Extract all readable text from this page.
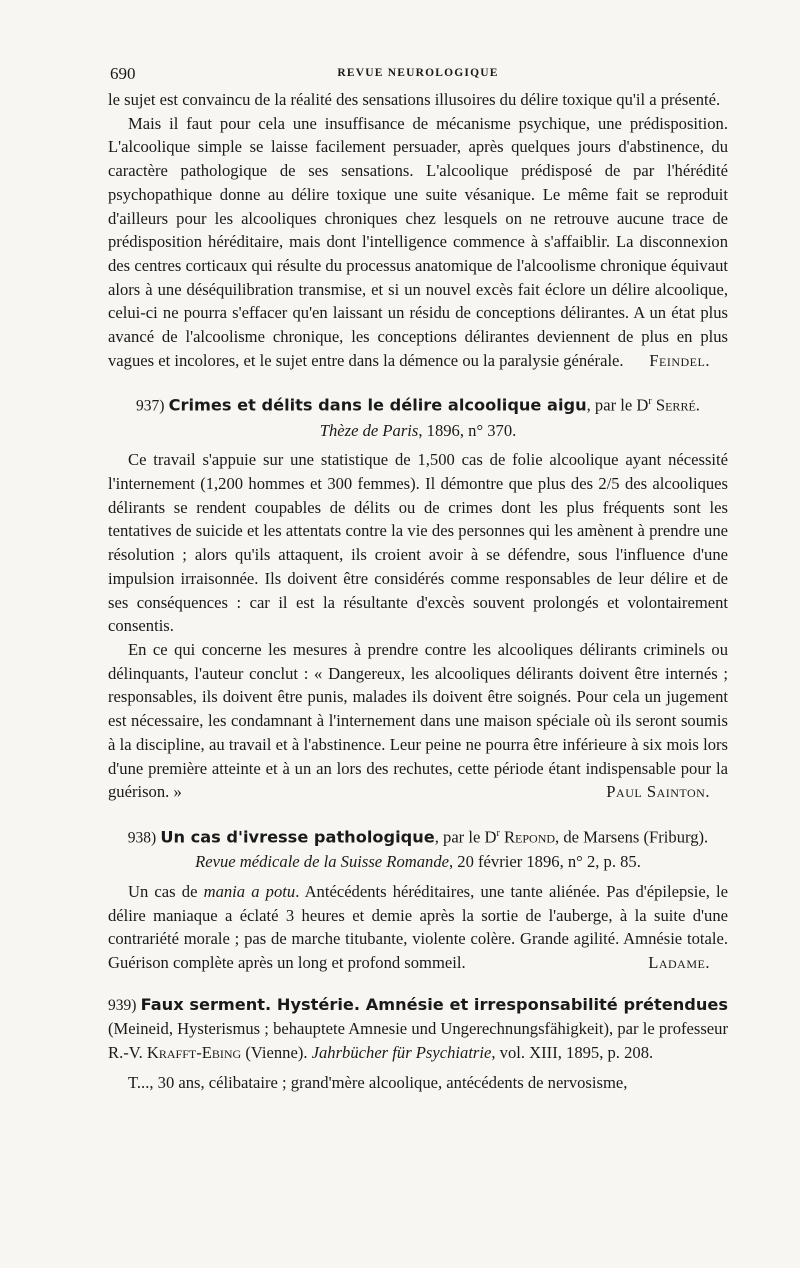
690	REVUE NEUROLOGIQUE

le sujet est convaincu de la réalité des sensations illusoires du délire toxique qu'il a présenté.

Mais il faut pour cela une insuffisance de mécanisme psychique, une prédisposition. L'alcoolique simple se laisse facilement persuader, après quelques jours d'abstinence, du caractère pathologique de ses sensations. L'alcoolique prédisposé de par l'hérédité psychopathique donne au délire toxique une suite vésanique. Le même fait se reproduit d'ailleurs pour les alcooliques chroniques chez lesquels on ne retrouve aucune trace de prédisposition héréditaire, mais dont l'intelligence commence à s'affaiblir. La disconnexion des centres corticaux qui résulte du processus anatomique de l'alcoolisme chronique équivaut alors à une déséquilibration transmise, et si un nouvel excès fait éclore un délire alcoolique, celui-ci ne pourra s'effacer qu'en laissant un résidu de conceptions délirantes. A un état plus avancé de l'alcoolisme chronique, les conceptions délirantes deviennent de plus en plus vagues et incolores, et le sujet entre dans la démence ou la paralysie générale.	Feindel.

937) Crimes et délits dans le délire alcoolique aigu, par le $D^r$ Serré.

Thèze de Paris, 1896, n° 370.

Ce travail s'appuie sur une statistique de 1,500 cas de folie alcoolique ayant nécessité l'internement (1,200 hommes et 300 femmes). Il démontre que plus des 2/5 des alcooliques délirants se rendent coupables de délits ou de crimes dont les plus fréquents sont les tentatives de suicide et les attentats contre la vie des personnes qui les amènent à prendre une résolution ; alors qu'ils attaquent, ils croient avoir à se défendre, sous l'influence d'une impulsion irraisonnée. Ils doivent être considérés comme responsables de leur délire et de ses conséquences : car il est la résultante d'excès souvent prolongés et volontairement consentis.

En ce qui concerne les mesures à prendre contre les alcooliques délirants criminels ou délinquants, l'auteur conclut : « Dangereux, les alcooliques délirants doivent être internés ; responsables, ils doivent être punis, malades ils doivent être soignés. Pour cela un jugement est nécessaire, les condamnant à l'internement dans une maison spéciale où ils seront soumis à la discipline, au travail et à l'abstinence. Leur peine ne pourra être inférieure à six mois lors d'une première atteinte et à un an lors des rechutes, cette période étant indispensable pour la guérison. »	Paul Sainton.

938) Un cas d'ivresse pathologique, par le $D^r$ Repond, de Marsens (Friburg).

Revue médicale de la Suisse Romande, 20 février 1896, n° 2, p. 85.

Un cas de mania a potu. Antécédents héréditaires, une tante aliénée. Pas d'épilepsie, le délire maniaque a éclaté 3 heures et demie après la sortie de l'auberge, à la suite d'une contrariété morale ; pas de marche titubante, violente colère. Grande agilité. Amnésie totale. Guérison complète après un long et profond sommeil.	Ladame.

939) Faux serment. Hystérie. Amnésie et irresponsabilité prétendues (Meineid, Hysterismus ; behauptete Amnesie und Ungerechnungsfähigkeit), par le professeur R.-V. Krafft-Ebing (Vienne). Jahrbücher für Psychiatrie, vol. XIII, 1895, p. 208.

T..., 30 ans, célibataire ; grand'mère alcoolique, antécédents de nervosisme,
